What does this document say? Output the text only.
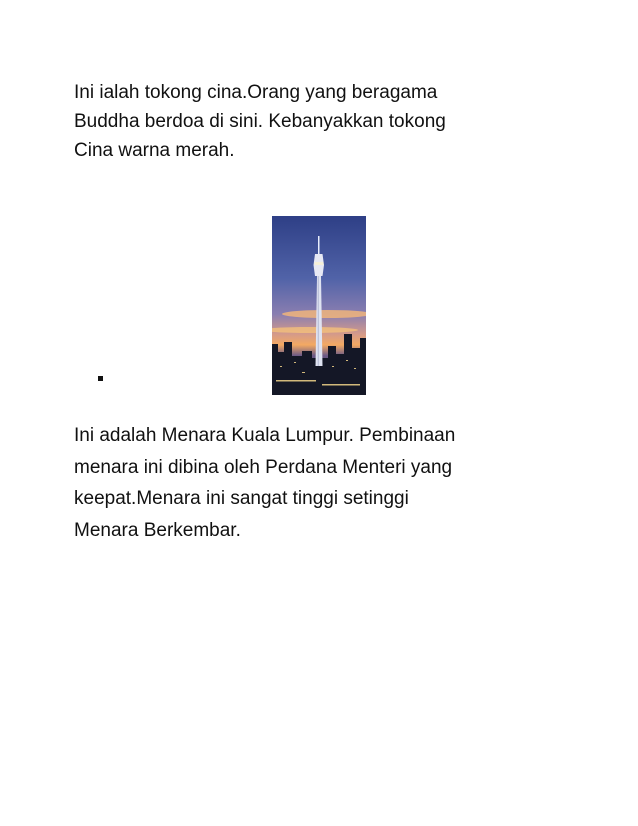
Ini ialah tokong cina.Orang yang beragama
Buddha berdoa di sini. Kebanyakkan tokong
Cina warna merah.

Ini adalah Menara Kuala Lumpur. Pembinaan
menara ini dibina oleh Perdana Menteri yang
keepat.Menara ini sangat tinggi setinggi
Menara Berkembar.
